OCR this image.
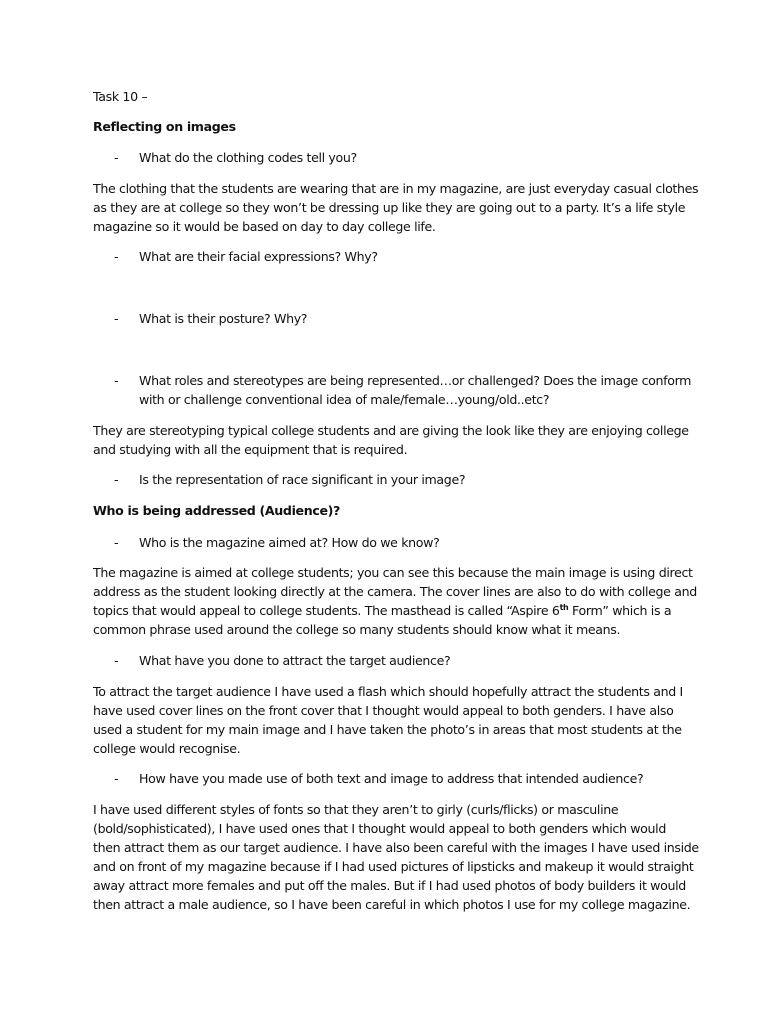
Task 10 –

Reflecting on images

- What do the clothing codes tell you?

The clothing that the students are wearing that are in my magazine, are just everyday casual clothes

as they are at college so they won’t be dressing up like they are going out to a party. It’s a life style

magazine so it would be based on day to day college life.

- What are their facial expressions? Why?
- What is their posture? Why?
- What roles and stereotypes are being represented…or challenged? Does the image conform
with or challenge conventional idea of male/female…young/old..etc?

They are stereotyping typical college students and are giving the look like they are enjoying college

and studying with all the equipment that is required.

- Is the representation of race significant in your image?

Who is being addressed (Audience)?

- Who is the magazine aimed at? How do we know?

The magazine is aimed at college students; you can see this because the main image is using direct

address as the student looking directly at the camera. The cover lines are also to do with college and

topics that would appeal to college students. The masthead is called “Aspire 6th Form” which is a

common phrase used around the college so many students should know what it means.

- What have you done to attract the target audience?

To attract the target audience I have used a flash which should hopefully attract the students and I

have used cover lines on the front cover that I thought would appeal to both genders. I have also

used a student for my main image and I have taken the photo’s in areas that most students at the

college would recognise.

- How have you made use of both text and image to address that intended audience?

I have used different styles of fonts so that they aren’t to girly (curls/flicks) or masculine

(bold/sophisticated), I have used ones that I thought would appeal to both genders which would

then attract them as our target audience. I have also been careful with the images I have used inside

and on front of my magazine because if I had used pictures of lipsticks and makeup it would straight

away attract more females and put off the males. But if I had used photos of body builders it would

then attract a male audience, so I have been careful in which photos I use for my college magazine.
